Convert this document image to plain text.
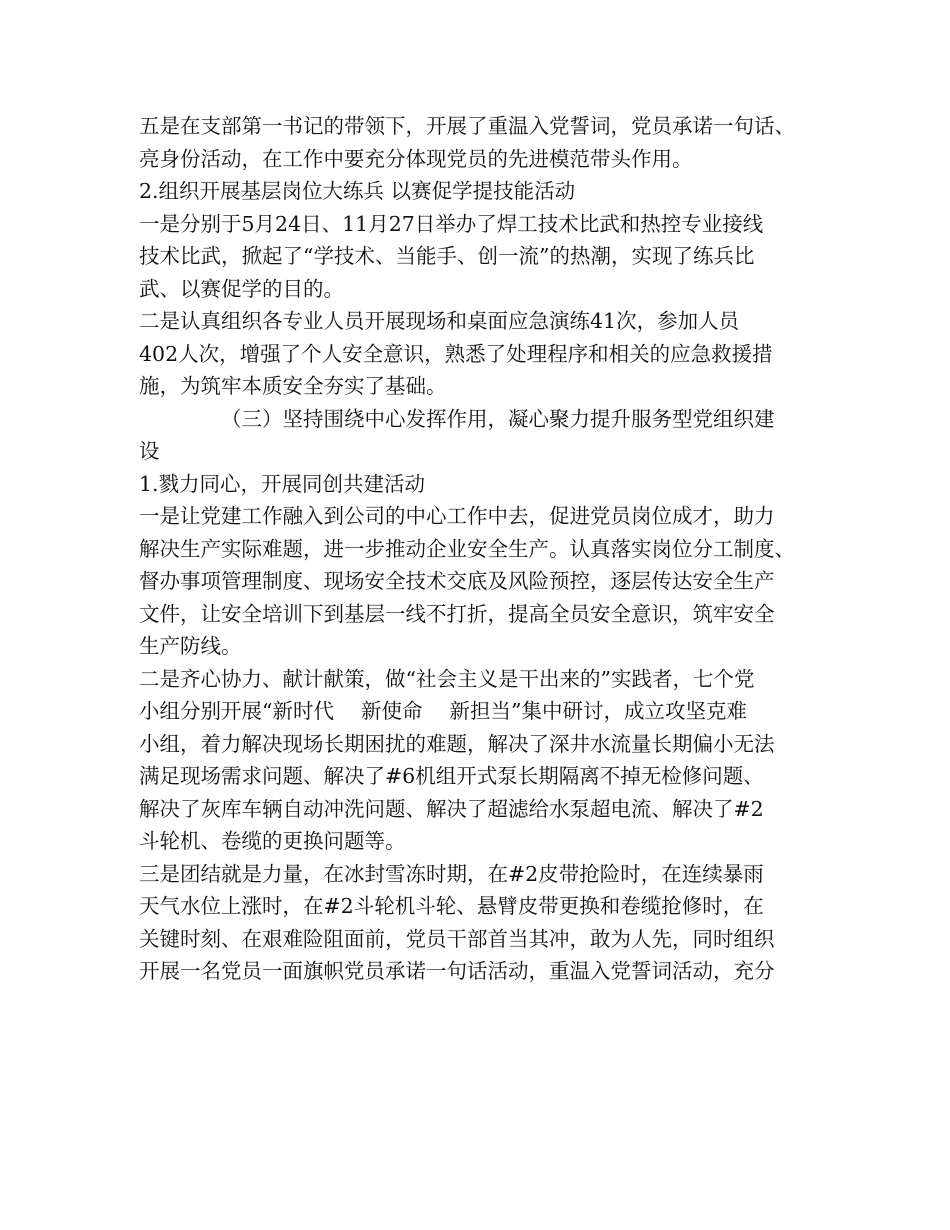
五是在支部第一书记的带领下，开展了重温入党誓词，党员承诺一句话、
亮身份活动，在工作中要充分体现党员的先进模范带头作用。
2.组织开展基层岗位大练兵 以赛促学提技能活动
一是分别于5月24日、11月27日举办了焊工技术比武和热控专业接线
技术比武，掀起了“学技术、当能手、创一流”的热潮，实现了练兵比
武、以赛促学的目的。
二是认真组织各专业人员开展现场和桌面应急演练41次，参加人员
402人次，增强了个人安全意识，熟悉了处理程序和相关的应急救援措
施，为筑牢本质安全夯实了基础。
（三）坚持围绕中心发挥作用，凝心聚力提升服务型党组织建
设
1.戮力同心，开展同创共建活动
一是让党建工作融入到公司的中心工作中去，促进党员岗位成才，助力
解决生产实际难题，进一步推动企业安全生产。认真落实岗位分工制度、
督办事项管理制度、现场安全技术交底及风险预控，逐层传达安全生产
文件，让安全培训下到基层一线不打折，提高全员安全意识，筑牢安全
生产防线。
二是齐心协力、献计献策，做“社会主义是干出来的”实践者，七个党
小组分别开展“新时代　 新使命　 新担当”集中研讨，成立攻坚克难
小组，着力解决现场长期困扰的难题，解决了深井水流量长期偏小无法
满足现场需求问题、解决了#6机组开式泵长期隔离不掉无检修问题、
解决了灰库车辆自动冲洗问题、解决了超滤给水泵超电流、解决了#2
斗轮机、卷缆的更换问题等。
三是团结就是力量，在冰封雪冻时期，在#2皮带抢险时，在连续暴雨
天气水位上涨时，在#2斗轮机斗轮、悬臂皮带更换和卷缆抢修时，在
关键时刻、在艰难险阻面前，党员干部首当其冲，敢为人先，同时组织
开展一名党员一面旗帜党员承诺一句话活动，重温入党誓词活动，充分
